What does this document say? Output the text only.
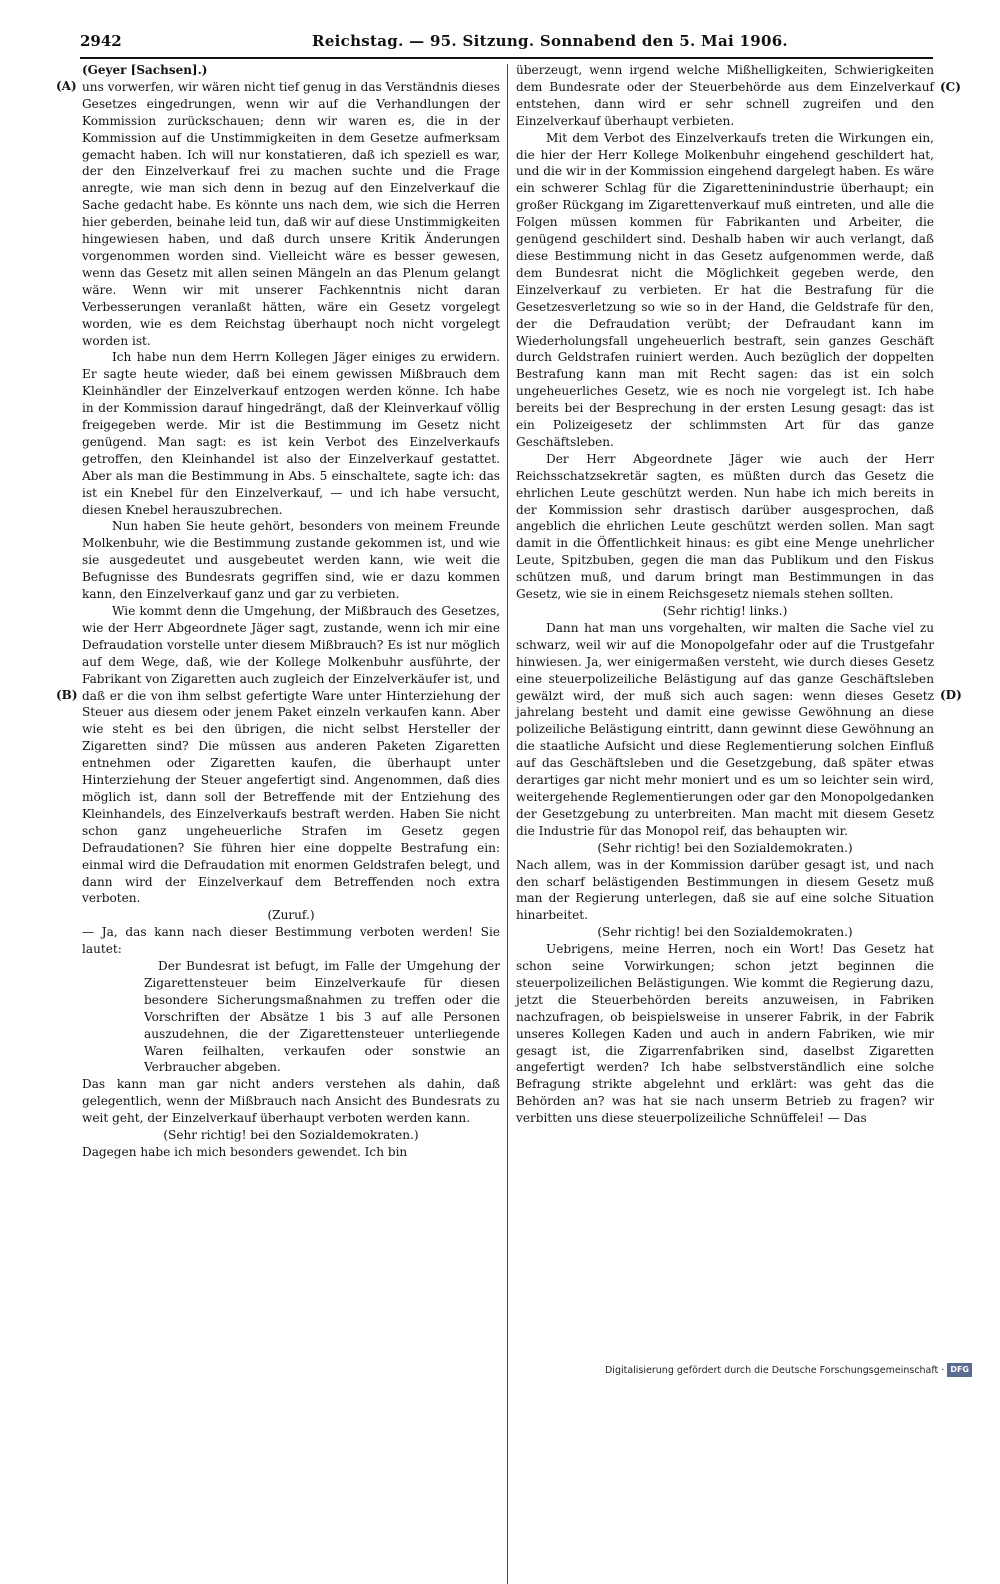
2942	Reichstag. — 95. Sitzung. Sonnabend den 5. Mai 1906.
(A)
(B)
(C)
(D)

(Geyer [Sachsen].)

uns vorwerfen, wir wären nicht tief genug in das Verständnis dieses Gesetzes eingedrungen, wenn wir auf die Verhandlungen der Kommission zurückschauen; denn wir waren es, die in der Kommission auf die Unstimmigkeiten in dem Gesetze aufmerksam gemacht haben. Ich will nur konstatieren, daß ich speziell es war, der den Einzelverkauf frei zu machen suchte und die Frage anregte, wie man sich denn in bezug auf den Einzelverkauf die Sache gedacht habe. Es könnte uns nach dem, wie sich die Herren hier geberden, beinahe leid tun, daß wir auf diese Unstimmigkeiten hingewiesen haben, und daß durch unsere Kritik Änderungen vorgenommen worden sind. Vielleicht wäre es besser gewesen, wenn das Gesetz mit allen seinen Mängeln an das Plenum gelangt wäre. Wenn wir mit unserer Fachkenntnis nicht daran Verbesserungen veranlaßt hätten, wäre ein Gesetz vorgelegt worden, wie es dem Reichstag überhaupt noch nicht vorgelegt worden ist.

Ich habe nun dem Herrn Kollegen Jäger einiges zu erwidern. Er sagte heute wieder, daß bei einem gewissen Mißbrauch dem Kleinhändler der Einzelverkauf entzogen werden könne. Ich habe in der Kommission darauf hingedrängt, daß der Kleinverkauf völlig freigegeben werde. Mir ist die Bestimmung im Gesetz nicht genügend. Man sagt: es ist kein Verbot des Einzelverkaufs getroffen, den Kleinhandel ist also der Einzelverkauf gestattet. Aber als man die Bestimmung in Abs. 5 einschaltete, sagte ich: das ist ein Knebel für den Einzelverkauf, — und ich habe versucht, diesen Knebel herauszubrechen.

Nun haben Sie heute gehört, besonders von meinem Freunde Molkenbuhr, wie die Bestimmung zustande gekommen ist, und wie sie ausgedeutet und ausgebeutet werden kann, wie weit die Befugnisse des Bundesrats gegriffen sind, wie er dazu kommen kann, den Einzelverkauf ganz und gar zu verbieten.

Wie kommt denn die Umgehung, der Mißbrauch des Gesetzes, wie der Herr Abgeordnete Jäger sagt, zustande, wenn ich mir eine Defraudation vorstelle unter diesem Mißbrauch? Es ist nur möglich auf dem Wege, daß, wie der Kollege Molkenbuhr ausführte, der Fabrikant von Zigaretten auch zugleich der Einzelverkäufer ist, und daß er die von ihm selbst gefertigte Ware unter Hinterziehung der Steuer aus diesem oder jenem Paket einzeln verkaufen kann. Aber wie steht es bei den übrigen, die nicht selbst Hersteller der Zigaretten sind? Die müssen aus anderen Paketen Zigaretten entnehmen oder Zigaretten kaufen, die überhaupt unter Hinterziehung der Steuer angefertigt sind. Angenommen, daß dies möglich ist, dann soll der Betreffende mit der Entziehung des Kleinhandels, des Einzelverkaufs bestraft werden. Haben Sie nicht schon ganz ungeheuerliche Strafen im Gesetz gegen Defraudationen? Sie führen hier eine doppelte Bestrafung ein: einmal wird die Defraudation mit enormen Geldstrafen belegt, und dann wird der Einzelverkauf dem Betreffenden noch extra verboten.

(Zuruf.)

— Ja, das kann nach dieser Bestimmung verboten werden! Sie lautet:

Der Bundesrat ist befugt, im Falle der Umgehung der Zigarettensteuer beim Einzelverkaufe für diesen besondere Sicherungsmaßnahmen zu treffen oder die Vorschriften der Absätze 1 bis 3 auf alle Personen auszudehnen, die der Zigarettensteuer unterliegende Waren feilhalten, verkaufen oder sonstwie an Verbraucher abgeben.

Das kann man gar nicht anders verstehen als dahin, daß gelegentlich, wenn der Mißbrauch nach Ansicht des Bundesrats zu weit geht, der Einzelverkauf überhaupt verboten werden kann.

(Sehr richtig! bei den Sozialdemokraten.)

Dagegen habe ich mich besonders gewendet. Ich bin

überzeugt, wenn irgend welche Mißhelligkeiten, Schwierigkeiten dem Bundesrate oder der Steuerbehörde aus dem Einzelverkauf entstehen, dann wird er sehr schnell zugreifen und den Einzelverkauf überhaupt verbieten.

Mit dem Verbot des Einzelverkaufs treten die Wirkungen ein, die hier der Herr Kollege Molkenbuhr eingehend geschildert hat, und die wir in der Kommission eingehend dargelegt haben. Es wäre ein schwerer Schlag für die Zigaretteninindustrie überhaupt; ein großer Rückgang im Zigarettenverkauf muß eintreten, und alle die Folgen müssen kommen für Fabrikanten und Arbeiter, die genügend geschildert sind. Deshalb haben wir auch verlangt, daß diese Bestimmung nicht in das Gesetz aufgenommen werde, daß dem Bundesrat nicht die Möglichkeit gegeben werde, den Einzelverkauf zu verbieten. Er hat die Bestrafung für die Gesetzesverletzung so wie so in der Hand, die Geldstrafe für den, der die Defraudation verübt; der Defraudant kann im Wiederholungsfall ungeheuerlich bestraft, sein ganzes Geschäft durch Geldstrafen ruiniert werden. Auch bezüglich der doppelten Bestrafung kann man mit Recht sagen: das ist ein solch ungeheuerliches Gesetz, wie es noch nie vorgelegt ist. Ich habe bereits bei der Besprechung in der ersten Lesung gesagt: das ist ein Polizeigesetz der schlimmsten Art für das ganze Geschäftsleben.

Der Herr Abgeordnete Jäger wie auch der Herr Reichsschatzsekretär sagten, es müßten durch das Gesetz die ehrlichen Leute geschützt werden. Nun habe ich mich bereits in der Kommission sehr drastisch darüber ausgesprochen, daß angeblich die ehrlichen Leute geschützt werden sollen. Man sagt damit in die Öffentlichkeit hinaus: es gibt eine Menge unehrlicher Leute, Spitzbuben, gegen die man das Publikum und den Fiskus schützen muß, und darum bringt man Bestimmungen in das Gesetz, wie sie in einem Reichsgesetz niemals stehen sollten.

(Sehr richtig! links.)

Dann hat man uns vorgehalten, wir malten die Sache viel zu schwarz, weil wir auf die Monopolgefahr oder auf die Trustgefahr hinwiesen. Ja, wer einigermaßen versteht, wie durch dieses Gesetz eine steuerpolizeiliche Belästigung auf das ganze Geschäftsleben gewälzt wird, der muß sich auch sagen: wenn dieses Gesetz jahrelang besteht und damit eine gewisse Gewöhnung an diese polizeiliche Belästigung eintritt, dann gewinnt diese Gewöhnung an die staatliche Aufsicht und diese Reglementierung solchen Einfluß auf das Geschäftsleben und die Gesetzgebung, daß später etwas derartiges gar nicht mehr moniert und es um so leichter sein wird, weitergehende Reglementierungen oder gar den Monopolgedanken der Gesetzgebung zu unterbreiten. Man macht mit diesem Gesetz die Industrie für das Monopol reif, das behaupten wir.

(Sehr richtig! bei den Sozialdemokraten.)

Nach allem, was in der Kommission darüber gesagt ist, und nach den scharf belästigenden Bestimmungen in diesem Gesetz muß man der Regierung unterlegen, daß sie auf eine solche Situation hinarbeitet.

(Sehr richtig! bei den Sozialdemokraten.)

Uebrigens, meine Herren, noch ein Wort! Das Gesetz hat schon seine Vorwirkungen; schon jetzt beginnen die steuerpolizeilichen Belästigungen. Wie kommt die Regierung dazu, jetzt die Steuerbehörden bereits anzuweisen, in Fabriken nachzufragen, ob beispielsweise in unserer Fabrik, in der Fabrik unseres Kollegen Kaden und auch in andern Fabriken, wie mir gesagt ist, die Zigarrenfabriken sind, daselbst Zigaretten angefertigt werden? Ich habe selbstverständlich eine solche Befragung strikte abgelehnt und erklärt: was geht das die Behörden an? was hat sie nach unserm Betrieb zu fragen? wir verbitten uns diese steuerpolizeiliche Schnüffelei! — Das

Digitalisierung gefördert durch die Deutsche Forschungsgemeinschaft · DFG
